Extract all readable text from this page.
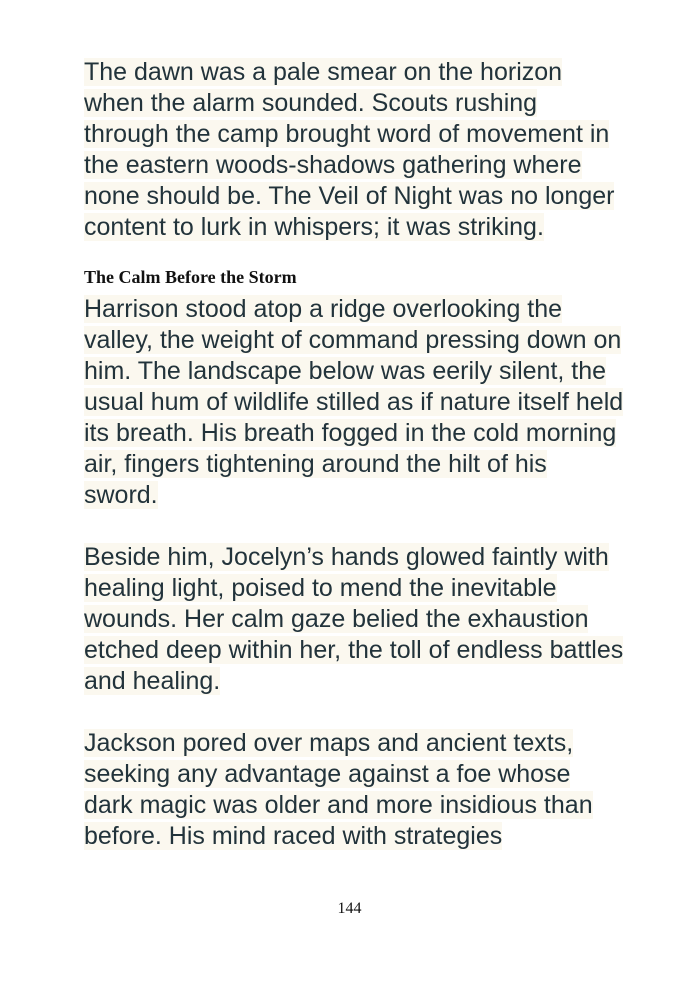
The dawn was a pale smear on the horizon when the alarm sounded. Scouts rushing through the camp brought word of movement in the eastern woods-shadows gathering where none should be. The Veil of Night was no longer content to lurk in whispers; it was striking.

The Calm Before the Storm

Harrison stood atop a ridge overlooking the valley, the weight of command pressing down on him. The landscape below was eerily silent, the usual hum of wildlife stilled as if nature itself held its breath. His breath fogged in the cold morning air, fingers tightening around the hilt of his sword.

Beside him, Jocelyn’s hands glowed faintly with healing light, poised to mend the inevitable wounds. Her calm gaze belied the exhaustion etched deep within her, the toll of endless battles and healing.

Jackson pored over maps and ancient texts, seeking any advantage against a foe whose dark magic was older and more insidious than before. His mind raced with strategies

144
